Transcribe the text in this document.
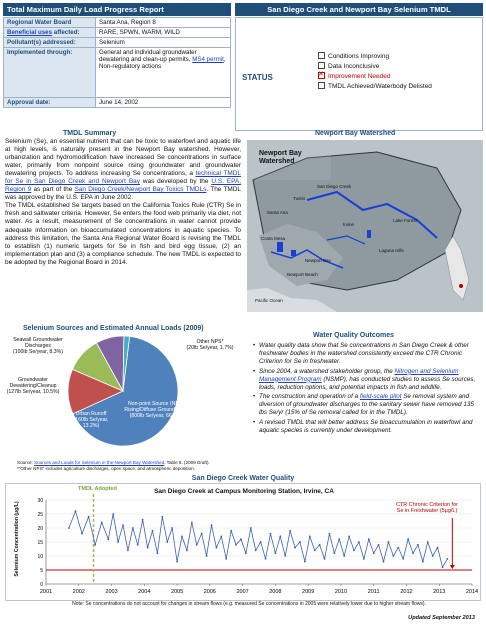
Total Maximum Daily Load Progress Report	San Diego Creek and Newport Bay Selenium TMDL
Regional Water Board	Santa Ana, Region 8
Beneficial uses affected:	RARE, SPWN, WARM, WILD
Pollutant(s) addressed:	Selenium
Implemented through:	General and individual groundwater dewatering and clean-up permits, MS4 permit, Non-regulatory actions
Approval date:	June 14, 2002
STATUS
Conditions Improving
Data Inconclusive
✕Improvement Needed
TMDL Achieved/Waterbody Delisted
TMDL Summary

Selenium (Se), an essential nutrient that can be toxic to waterfowl and aquatic life at high levels, is naturally present in the Newport Bay watershed. However, urbanization and hydromodification have increased Se concentrations in surface water, primarily from nonpoint source rising groundwater and groundwater dewatering projects. To address increasing Se concentrations, a technical TMDL for Se in San Diego Creek and Newport Bay was developed by the U.S. EPA, Region 9 as part of the San Diego Creek/Newport Bay Toxics TMDLs. The TMDL was approved by the U.S. EPA in June 2002.

The TMDL established Se targets based on the California Toxics Rule (CTR) Se in fresh and saltwater criteria. However, Se enters the food web primarily via diet, not water. As a result, measurement of Se concentrations in water cannot provide adequate information on bioaccumulated concentrations in aquatic species. To address this limitation, the Santa Ana Regional Water Board is revising the TMDL to establish (1) numeric targets for Se in fish and bird egg tissue, (2) an implementation plan and (3) a compliance schedule. The new TMDL is expected to be adopted by the Regional Board in 2014.

Newport Bay Watershed
Newport Bay Watershed
Tustin
Santa Ana
Irvine
Costa Mesa
Newport Beach
Lake Forest
Laguna Hills
Pacific Ocean
San Diego Creek
Newport Bay
Selenium Sources and Estimated Annual Loads (2009)
Seawall Groundwater Discharges
(100lb Se/year, 8.3%)
Groundwater Dewatering/Cleanup
(127lb Se/year, 10.5%)
Urban Runoff
(160lb Se/year, 13.2%)
Non-point Source (NPS) Rising/Diffuse Groundwater
(800lb Se/year, 66.1%)
Other NPS*
(20lb Se/year, 1.7%)
Source: Sources and Loads for Selenium in the Newport Bay Watershed, Table 8. (2009 Draft).
*"Other NPS" includes agriculture discharges, open space, and atmospheric deposition.
Water Quality Outcomes
• Water quality data show that Se concentrations in San Diego Creek & other freshwater bodies in the watershed consistently exceed the CTR Chronic Criterion for Se in freshwater.
• Since 2004, a watershed stakeholder group, the Nitrogen and Selenium Management Program (NSMP), has conducted studies to assess Se sources, loads, reduction options, and potential impacts in fish and wildlife.
• The construction and operation of a field-scale pilot Se removal system and diversion of groundwater discharges to the sanitary sewer have removed 135 lbs Se/yr (15% of Se removal called for in the TMDL).
• A revised TMDL that will better address Se bioaccumulation in waterfowl and aquatic species is currently under development.
San Diego Creek Water Quality
0
5
10
15
20
25
30
2001	2002	2003	2004	2005	2006	2007	2008	2009	2010	2011	2012	2013	2014
San Diego Creek at Campus Monitoring Station, Irvine, CA
Selenium Concentration (µg/L)
TMDL Adopted
CTR Chronic Criterion for
Se in Freshwater (5µg/L)
Note: Se concentrations do not account for changes in stream flows (e.g. measured Se concentrations in 2005 were relatively lower due to higher stream flows).
Updated September 2013
